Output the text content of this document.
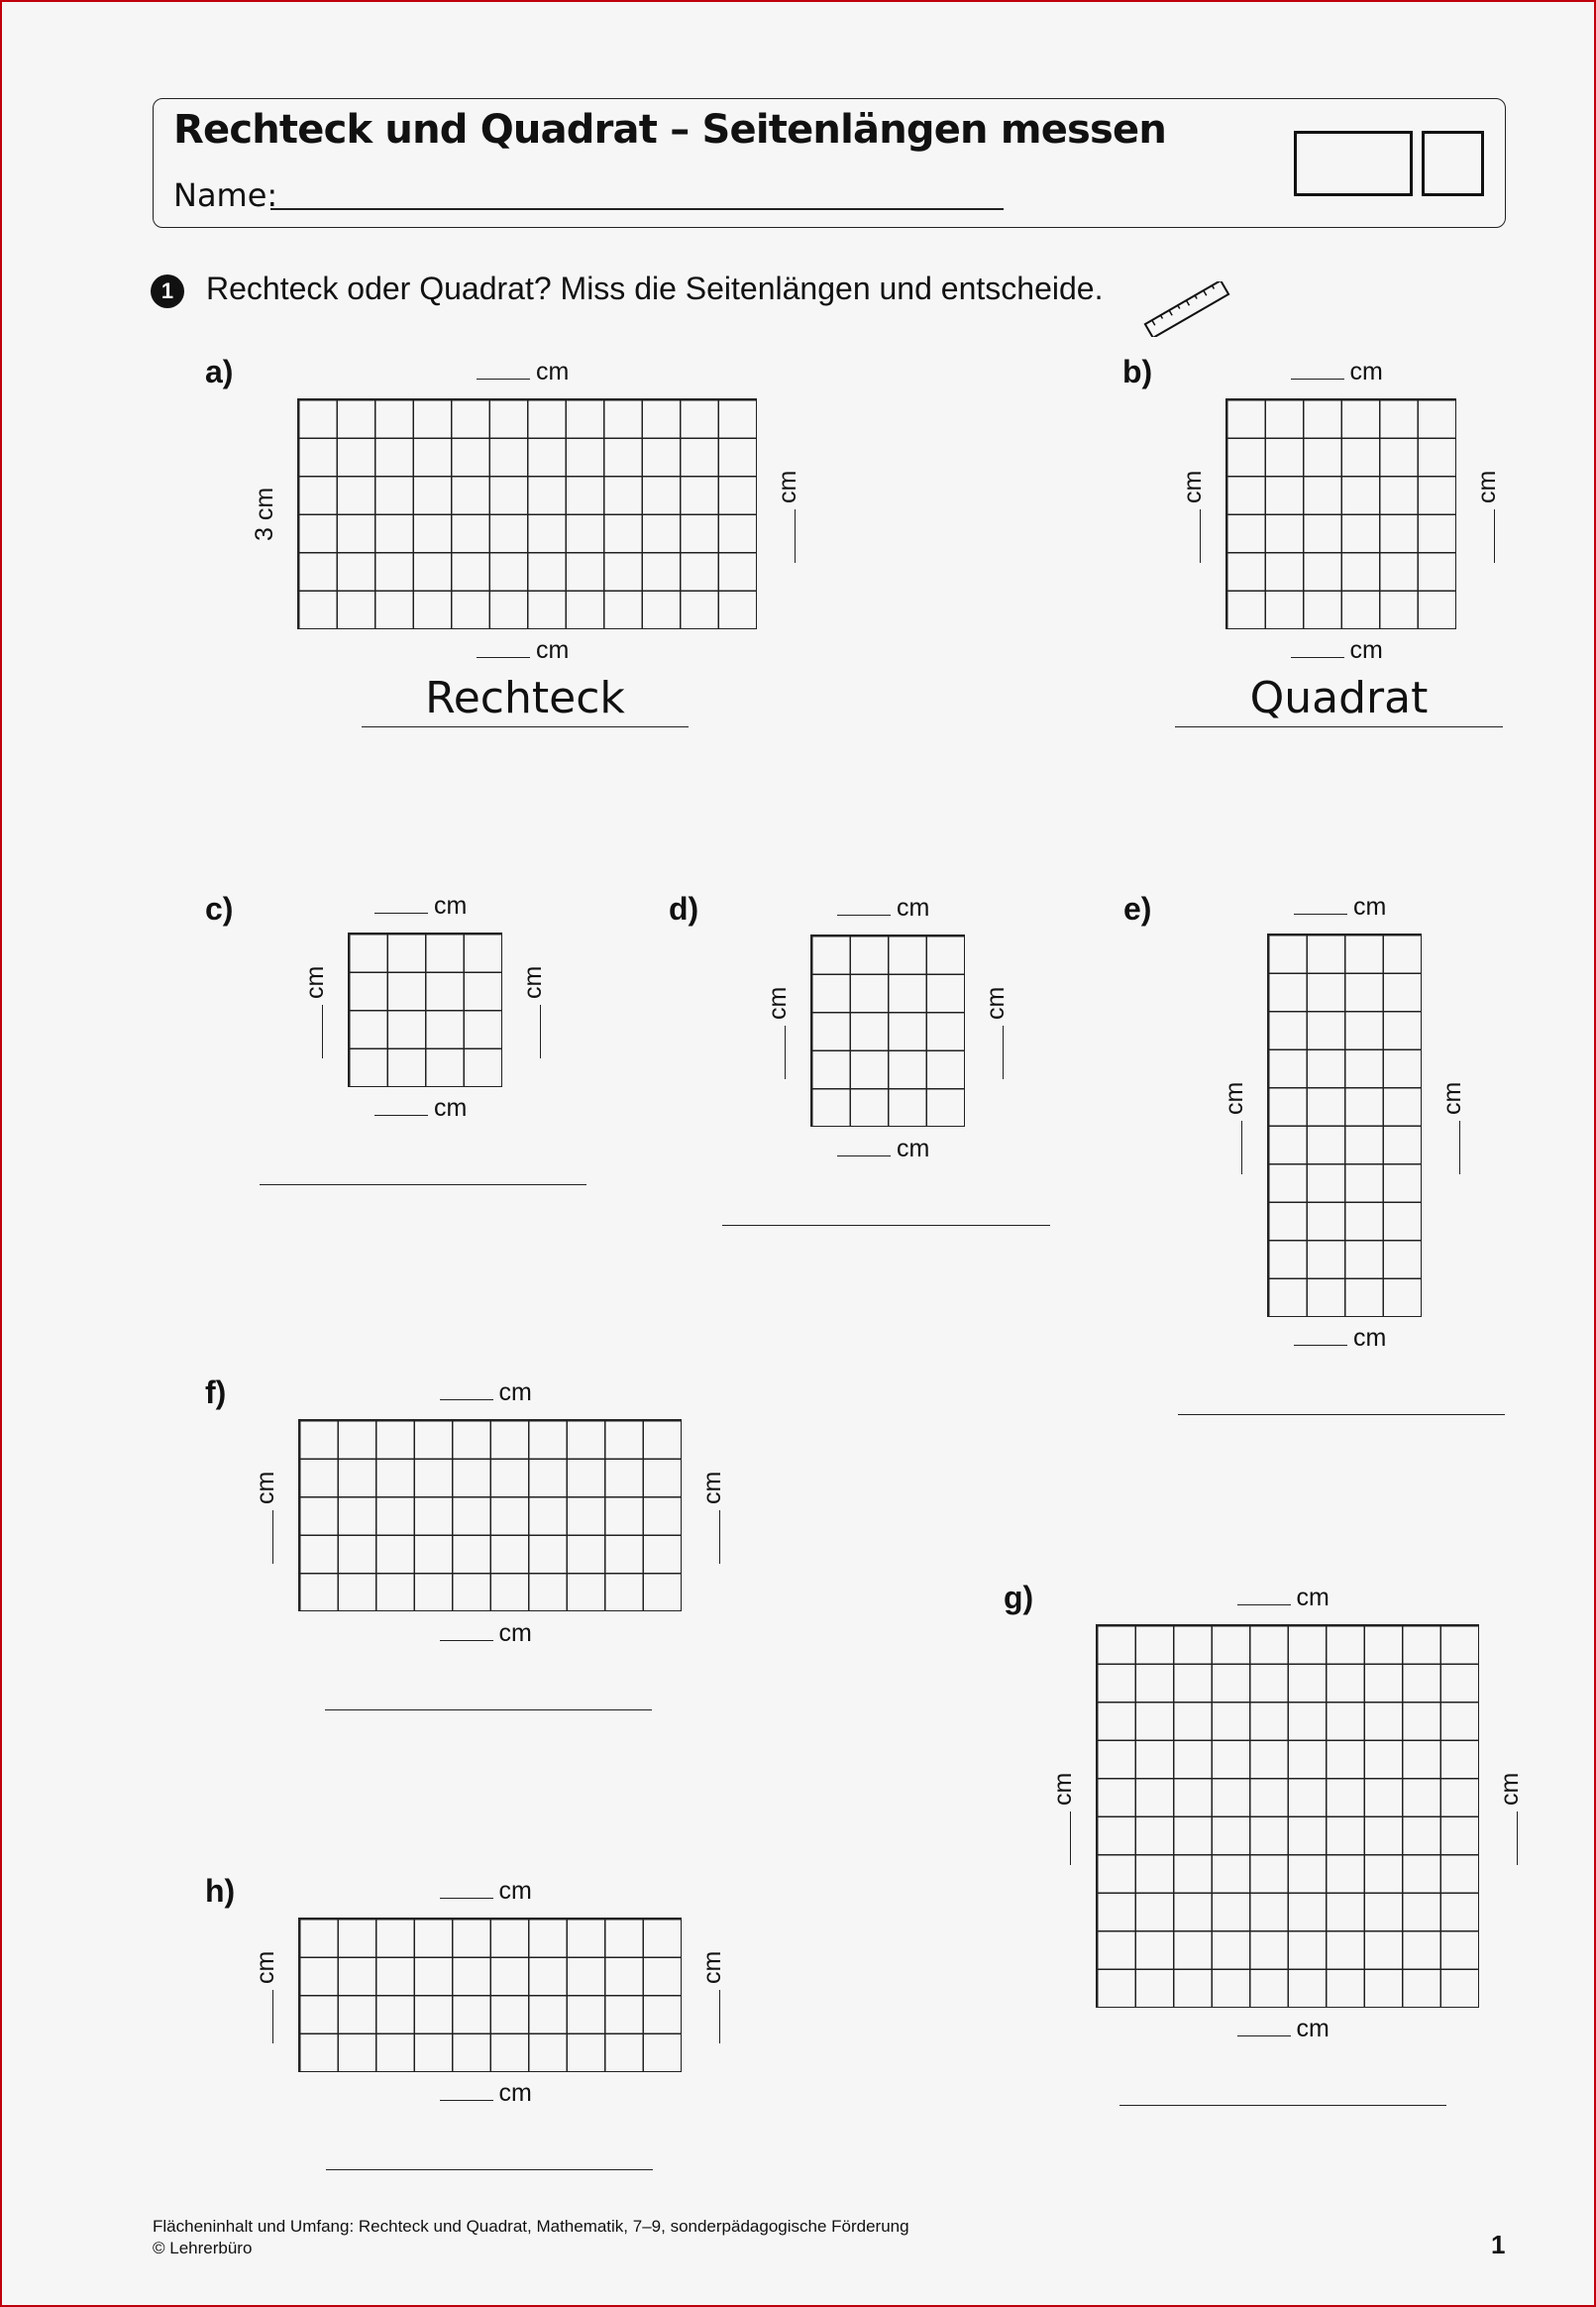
Rechteck und Quadrat – Seitenlängen messen
Name:
1	Rechteck oder Quadrat? Miss die Seitenlängen und entscheide.
a)	cm
cm
3 cm
cm
Rechteck
b)	cm
cm
cm	cm
Quadrat
c)	cm
cm
cm	cm
d)	cm
cm
cm	cm
e)	cm
cm
cm	cm
f)	cm
cm
cm	cm
g)	cm
cm
cm	cm
h)	cm
cm
cm	cm
Flächeninhalt und Umfang: Rechteck und Quadrat, Mathematik, 7–9, sonderpädagogische Förderung
© Lehrerbüro	1
